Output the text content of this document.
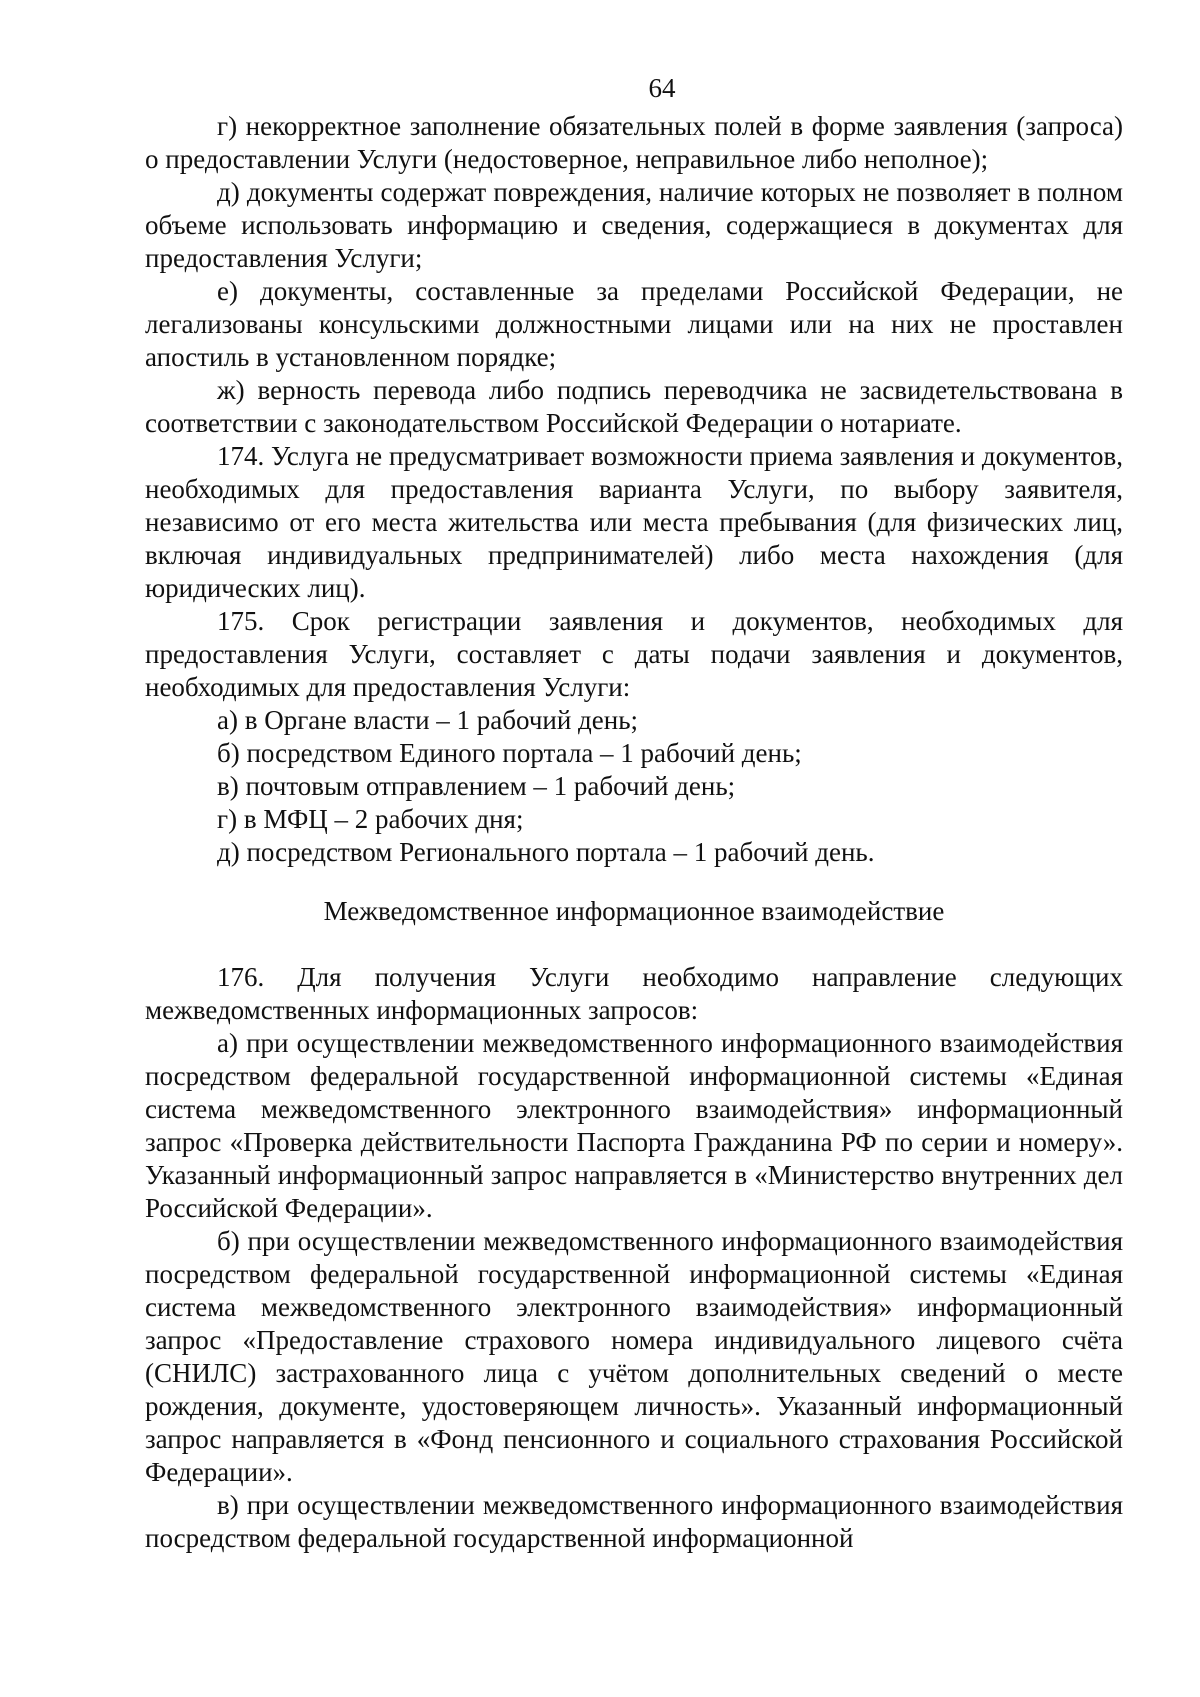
64

г) некорректное заполнение обязательных полей в форме заявления (запроса) о предоставлении Услуги (недостоверное, неправильное либо неполное);

д) документы содержат повреждения, наличие которых не позволяет в полном объеме использовать информацию и сведения, содержащиеся в документах для предоставления Услуги;

е) документы, составленные за пределами Российской Федерации, не легализованы консульскими должностными лицами или на них не проставлен апостиль в установленном порядке;

ж) верность перевода либо подпись переводчика не засвидетельствована в соответствии с законодательством Российской Федерации о нотариате.

174. Услуга не предусматривает возможности приема заявления и документов, необходимых для предоставления варианта Услуги, по выбору заявителя, независимо от его места жительства или места пребывания (для физических лиц, включая индивидуальных предпринимателей) либо места нахождения (для юридических лиц).

175. Срок регистрации заявления и документов, необходимых для предоставления Услуги, составляет с даты подачи заявления и документов, необходимых для предоставления Услуги:

а) в Органе власти – 1 рабочий день;

б) посредством Единого портала – 1 рабочий день;

в) почтовым отправлением – 1 рабочий день;

г) в МФЦ – 2 рабочих дня;

д) посредством Регионального портала – 1 рабочий день.

Межведомственное информационное взаимодействие

176. Для получения Услуги необходимо направление следующих межведомственных информационных запросов:

а) при осуществлении межведомственного информационного взаимодействия посредством федеральной государственной информационной системы «Единая система межведомственного электронного взаимодействия» информационный запрос «Проверка действительности Паспорта Гражданина РФ по серии и номеру». Указанный информационный запрос направляется в «Министерство внутренних дел Российской Федерации».

б) при осуществлении межведомственного информационного взаимодействия посредством федеральной государственной информационной системы «Единая система межведомственного электронного взаимодействия» информационный запрос «Предоставление страхового номера индивидуального лицевого счёта (СНИЛС) застрахованного лица с учётом дополнительных сведений о месте рождения, документе, удостоверяющем личность». Указанный информационный запрос направляется в «Фонд пенсионного и социального страхования Российской Федерации».

в) при осуществлении межведомственного информационного взаимодействия посредством федеральной государственной информационной
